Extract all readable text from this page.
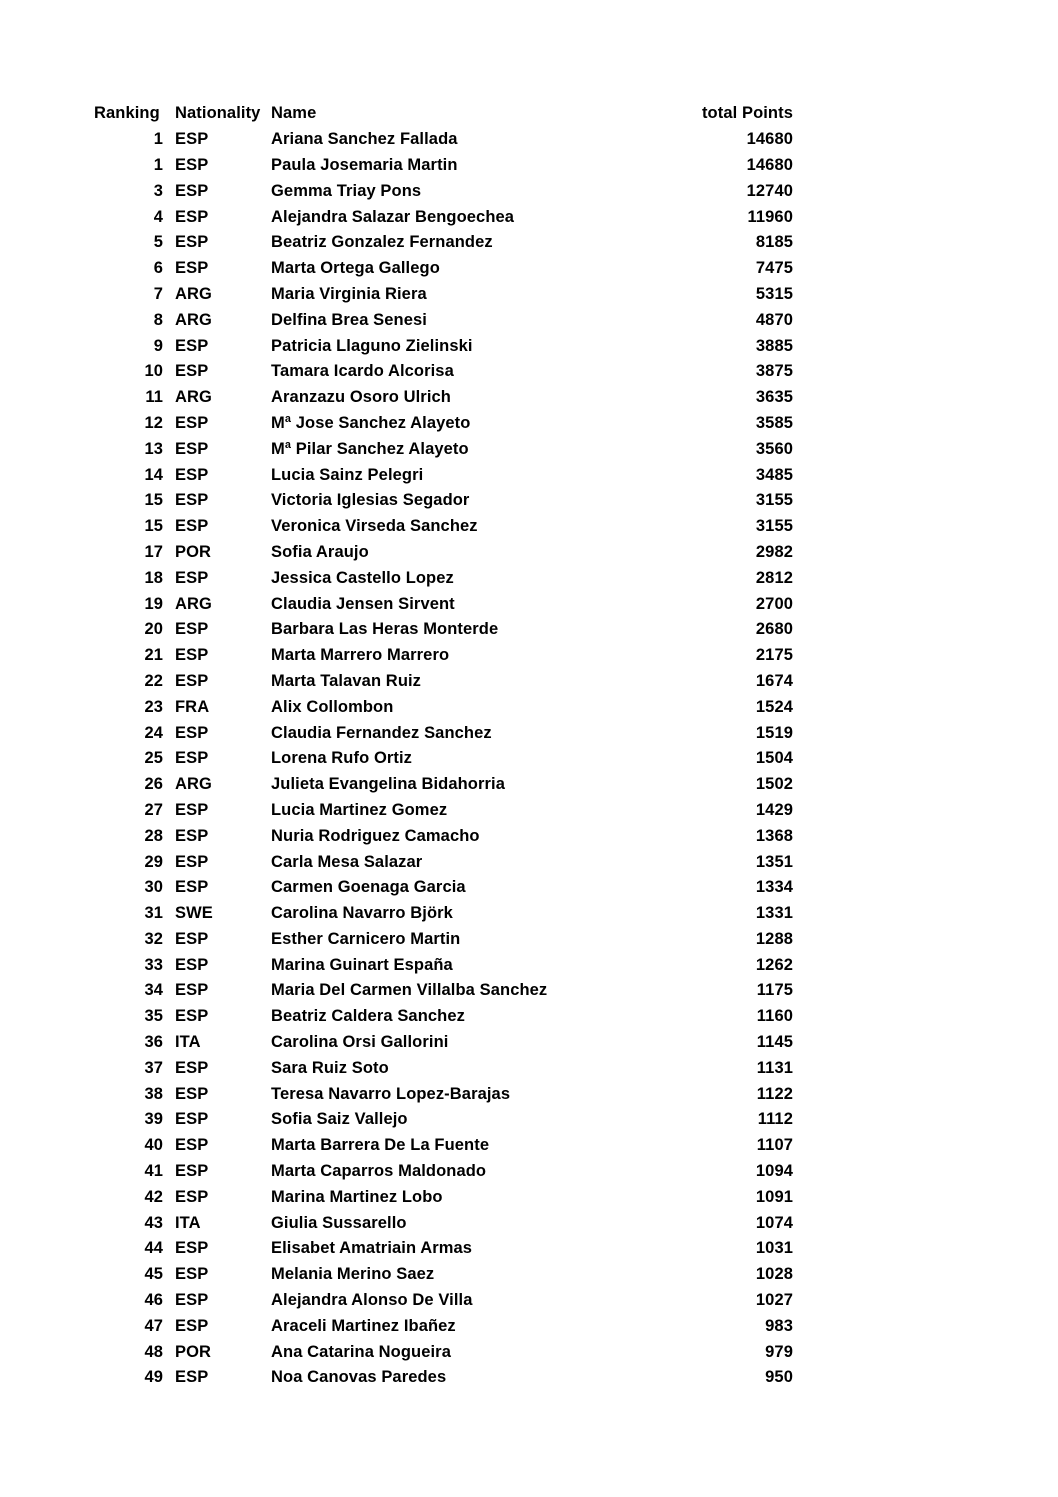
Ranking Nationality Name	total Points
1 ESP	Ariana Sanchez Fallada	14680
1 ESP	Paula Josemaria Martin	14680
3 ESP	Gemma Triay Pons	12740
4 ESP	Alejandra Salazar Bengoechea	11960
5 ESP	Beatriz Gonzalez Fernandez	8185
6 ESP	Marta Ortega Gallego	7475
7 ARG	Maria Virginia Riera	5315
8 ARG	Delfina Brea Senesi	4870
9 ESP	Patricia Llaguno Zielinski	3885
10 ESP	Tamara Icardo Alcorisa	3875
11 ARG	Aranzazu Osoro Ulrich	3635
12 ESP	Mª Jose Sanchez Alayeto	3585
13 ESP	Mª Pilar Sanchez Alayeto	3560
14 ESP	Lucia Sainz Pelegri	3485
15 ESP	Victoria Iglesias Segador	3155
15 ESP	Veronica Virseda Sanchez	3155
17 POR	Sofia Araujo	2982
18 ESP	Jessica Castello Lopez	2812
19 ARG	Claudia Jensen Sirvent	2700
20 ESP	Barbara Las Heras Monterde	2680
21 ESP	Marta Marrero Marrero	2175
22 ESP	Marta Talavan Ruiz	1674
23 FRA	Alix Collombon	1524
24 ESP	Claudia Fernandez Sanchez	1519
25 ESP	Lorena Rufo Ortiz	1504
26 ARG	Julieta Evangelina Bidahorria	1502
27 ESP	Lucia Martinez Gomez	1429
28 ESP	Nuria Rodriguez Camacho	1368
29 ESP	Carla Mesa Salazar	1351
30 ESP	Carmen Goenaga Garcia	1334
31 SWE	Carolina Navarro Björk	1331
32 ESP	Esther Carnicero Martin	1288
33 ESP	Marina Guinart España	1262
34 ESP	Maria Del Carmen Villalba Sanchez	1175
35 ESP	Beatriz Caldera Sanchez	1160
36 ITA	Carolina Orsi Gallorini	1145
37 ESP	Sara Ruiz Soto	1131
38 ESP	Teresa Navarro Lopez-Barajas	1122
39 ESP	Sofia Saiz Vallejo	1112
40 ESP	Marta Barrera De La Fuente	1107
41 ESP	Marta Caparros Maldonado	1094
42 ESP	Marina Martinez Lobo	1091
43 ITA	Giulia Sussarello	1074
44 ESP	Elisabet Amatriain Armas	1031
45 ESP	Melania Merino Saez	1028
46 ESP	Alejandra Alonso De Villa	1027
47 ESP	Araceli Martinez Ibañez	983
48 POR	Ana Catarina Nogueira	979
49 ESP	Noa Canovas Paredes	950
